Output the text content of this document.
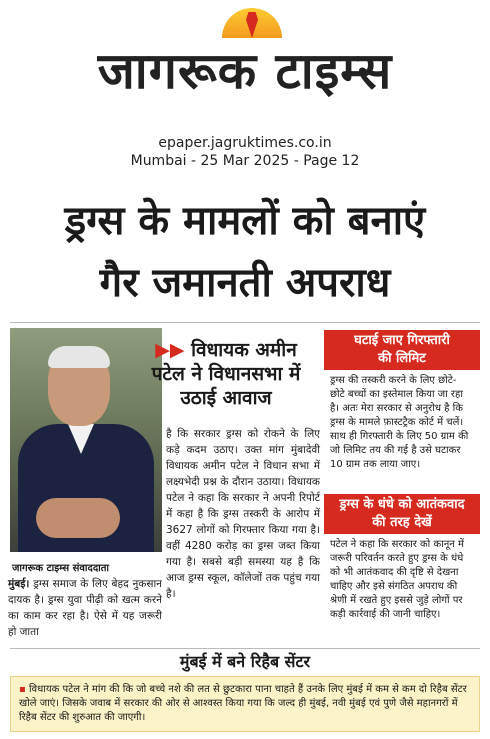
जागरूक टाइम्स
epaper.jagruktimes.co.in
Mumbai - 25 Mar 2025 - Page 12
ड्रग्स के मामलों को बनाएं
गैर जमानती अपराध
▶▶ विधायक अमीन
पटेल ने विधानसभा में
उठाई आवाज
जागरूक टाइम्स संवाददाता
मुंबई। ड्रग्स समाज के लिए बेहद नुकसान दायक है। ड्रग्स युवा पीढ़ी को खत्म करने का काम कर रहा है। ऐसे में यह जरूरी हो जाता
है कि सरकार ड्रग्स को रोकने के लिए कड़े कदम उठाए। उक्त मांग मुंबादेवी विधायक अमीन पटेल ने विधान सभा में लक्ष्यभेदी प्रश्न के दौरान उठाया। विधायक पटेल ने कहा कि सरकार ने अपनी रिपोर्ट में कहा है कि ड्रग्स तस्करी के आरोप में 3627 लोगों को गिरफ्तार किया गया है। वहीं 4280 करोड़ का ड्रग्स जब्त किया गया है। सबसे बड़ी समस्या यह है कि आज ड्रग्स स्कूल, कॉलेजों तक पहुंच गया है।
घटाई जाए गिरफ्तारी
की लिमिट
ड्रग्स की तस्करी करने के लिए छोटे- छोटे बच्चों का इस्तेमाल किया जा रहा है। अतः मेरा सरकार से अनुरोध है कि ड्रग्स के मामले फ़ास्टट्रैक कोर्ट में चलें। साथ ही गिरफ्तारी के लिए 50 ग्राम की जो लिमिट तय की गई है उसे घटाकर 10 ग्राम तक लाया जाए।
ड्रग्स के धंधे को आतंकवाद
की तरह देखें
पटेल ने कहा कि सरकार को कानून में जरूरी परिवर्तन करते हुए ड्रग्स के धंधे को भी आतंकवाद की दृष्टि से देखना चाहिए और इसे संगठित अपराध की श्रेणी में रखते हुए इससे जुड़े लोगों पर कड़ी कार्रवाई की जानी चाहिए।
मुंबई में बने रिहैब सेंटर
▪ विधायक पटेल ने मांग की कि जो बच्चे नशे की लत से छुटकारा पाना चाहते हैं उनके लिए मुंबई में कम से कम दो रिहैब सेंटर खोले जाएं। जिसके जवाब में सरकार की ओर से आश्वस्त किया गया कि जल्द ही मुंबई, नवी मुंबई एवं पुणे जैसे महानगरों में रिहैब सेंटर की शुरुआत की जाएगी।
